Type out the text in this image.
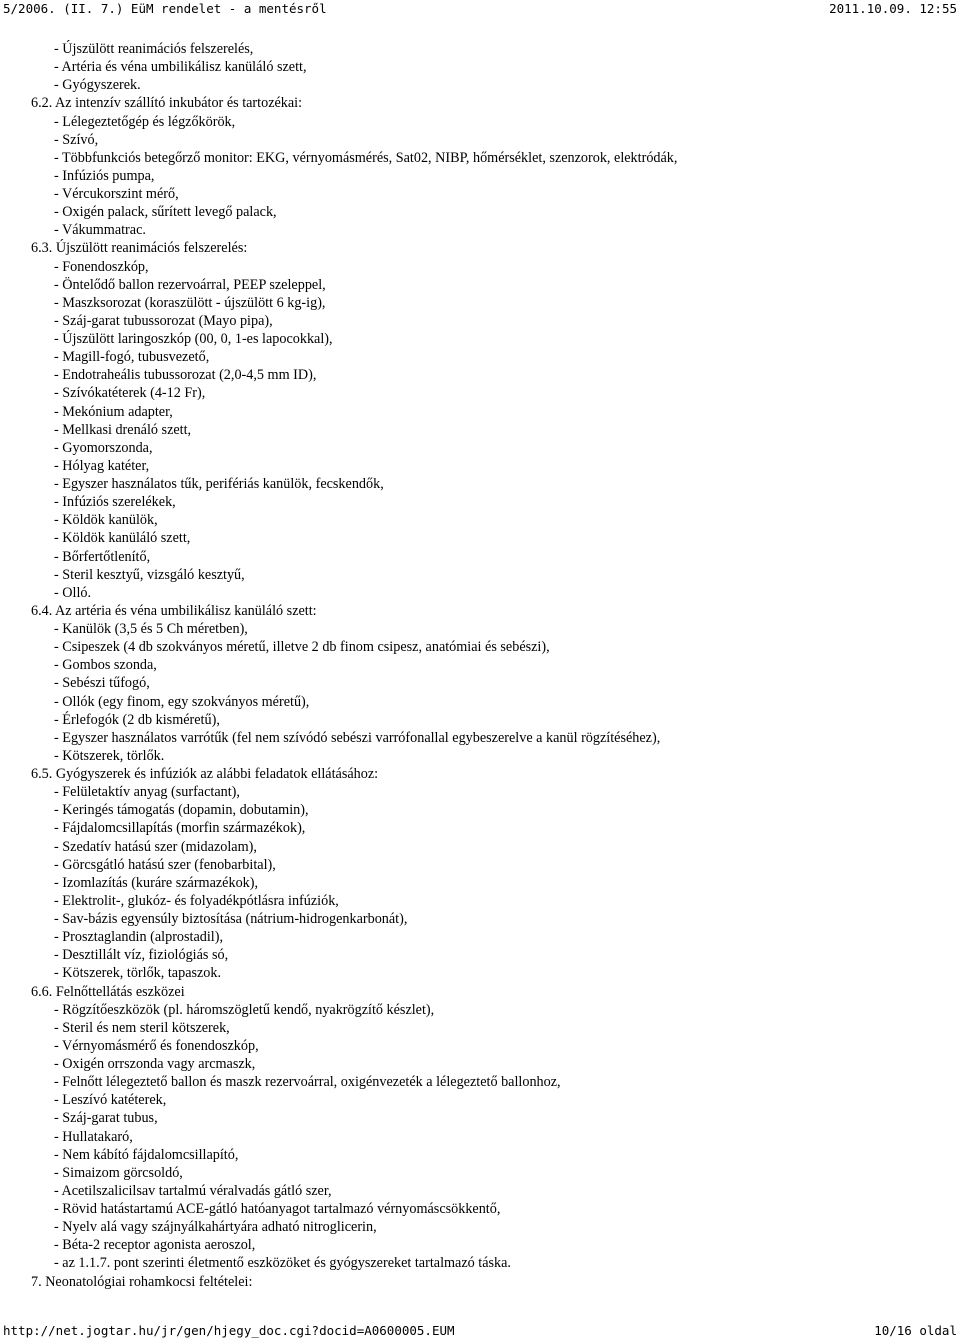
5/2006. (II. 7.) EüM rendelet - a mentésről	2011.10.09. 12:55
- Újszülött reanimációs felszerelés,
- Artéria és véna umbilikálisz kanüláló szett,
- Gyógyszerek.
6.2. Az intenzív szállító inkubátor és tartozékai:
- Lélegeztetőgép és légzőkörök,
- Szívó,
- Többfunkciós betegőrző monitor: EKG, vérnyomásmérés, Sat02, NIBP, hőmérséklet, szenzorok, elektródák,
- Infúziós pumpa,
- Vércukorszint mérő,
- Oxigén palack, sűrített levegő palack,
- Vákummatrac.
6.3. Újszülött reanimációs felszerelés:
- Fonendoszkóp,
- Öntelődő ballon rezervoárral, PEEP szeleppel,
- Maszksorozat (koraszülött - újszülött 6 kg-ig),
- Száj-garat tubussorozat (Mayo pipa),
- Újszülött laringoszkóp (00, 0, 1-es lapocokkal),
- Magill-fogó, tubusvezető,
- Endotraheális tubussorozat (2,0-4,5 mm ID),
- Szívókatéterek (4-12 Fr),
- Mekónium adapter,
- Mellkasi drenáló szett,
- Gyomorszonda,
- Hólyag katéter,
- Egyszer használatos tűk, perifériás kanülök, fecskendők,
- Infúziós szerelékek,
- Köldök kanülök,
- Köldök kanüláló szett,
- Bőrfertőtlenítő,
- Steril kesztyű, vizsgáló kesztyű,
- Olló.
6.4. Az artéria és véna umbilikálisz kanüláló szett:
- Kanülök (3,5 és 5 Ch méretben),
- Csipeszek (4 db szokványos méretű, illetve 2 db finom csipesz, anatómiai és sebészi),
- Gombos szonda,
- Sebészi tűfogó,
- Ollók (egy finom, egy szokványos méretű),
- Érlefogók (2 db kisméretű),
- Egyszer használatos varrótűk (fel nem szívódó sebészi varrófonallal egybeszerelve a kanül rögzítéséhez),
- Kötszerek, törlők.
6.5. Gyógyszerek és infúziók az alábbi feladatok ellátásához:
- Felületaktív anyag (surfactant),
- Keringés támogatás (dopamin, dobutamin),
- Fájdalomcsillapítás (morfin származékok),
- Szedatív hatású szer (midazolam),
- Görcsgátló hatású szer (fenobarbital),
- Izomlazítás (kuráre származékok),
- Elektrolit-, glukóz- és folyadékpótlásra infúziók,
- Sav-bázis egyensúly biztosítása (nátrium-hidrogenkarbonát),
- Prosztaglandin (alprostadil),
- Desztillált víz, fiziológiás só,
- Kötszerek, törlők, tapaszok.
6.6. Felnőttellátás eszközei
- Rögzítőeszközök (pl. háromszögletű kendő, nyakrögzítő készlet),
- Steril és nem steril kötszerek,
- Vérnyomásmérő és fonendoszkóp,
- Oxigén orrszonda vagy arcmaszk,
- Felnőtt lélegeztető ballon és maszk rezervoárral, oxigénvezeték a lélegeztető ballonhoz,
- Leszívó katéterek,
- Száj-garat tubus,
- Hullatakaró,
- Nem kábító fájdalomcsillapító,
- Simaizom görcsoldó,
- Acetilszalicilsav tartalmú véralvadás gátló szer,
- Rövid hatástartamú ACE-gátló hatóanyagot tartalmazó vérnyomáscsökkentő,
- Nyelv alá vagy szájnyálkahártyára adható nitroglicerin,
- Béta-2 receptor agonista aeroszol,
- az 1.1.7. pont szerinti életmentő eszközöket és gyógyszereket tartalmazó táska.
7. Neonatológiai rohamkocsi feltételei:
http://net.jogtar.hu/jr/gen/hjegy_doc.cgi?docid=A0600005.EUM	10/16 oldal
